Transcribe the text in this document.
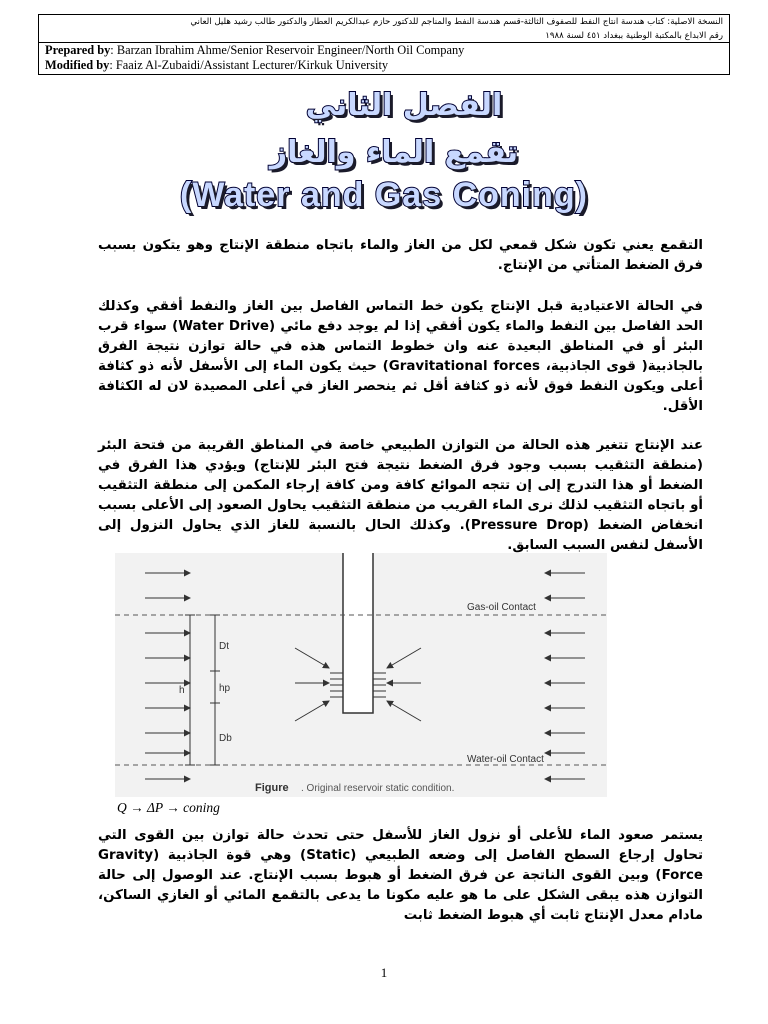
النسخة الاصلية: كتاب هندسة انتاج النفط للصفوف الثالثة-قسم هندسة النفط والمناجم للدكتور حازم عبدالكريم العطار والدكتور طالب رشيد هليل العاني
رقم الابداع بالمكتبة الوطنية ببغداد ٤٥١ لسنة ١٩٨٨
Prepared by: Barzan Ibrahim Ahme/Senior Reservoir Engineer/North Oil Company
Modified by: Faaiz Al-Zubaidi/Assistant Lecturer/Kirkuk University
الفصل الثاني
تقمع الماء والغاز
(Water and Gas Coning)
التقمع يعني تكون شكل قمعي لكل من الغاز والماء باتجاه منطقة الإنتاج وهو يتكون بسبب فرق الضغط المتأتي من الإنتاج.
في الحالة الاعتيادية قبل الإنتاج يكون خط التماس الفاصل بين الغاز والنفط أفقي وكذلك الحد الفاصل بين النفط والماء يكون أفقي إذا لم يوجد دفع مائي (Water Drive) سواء قرب البئر أو في المناطق البعيدة عنه وان خطوط التماس هذه في حالة توازن نتيجة الفرق بالجاذبية( قوى الجاذبية، Gravitational forces) حيث يكون الماء إلى الأسفل لأنه ذو كثافة أعلى ويكون النفط فوق لأنه ذو كثافة أقل ثم ينحصر الغاز في أعلى المصيدة لان له الكثافة الأقل.
عند الإنتاج تتغير هذه الحالة من التوازن الطبيعي خاصة في المناطق القريبة من فتحة البئر (منطقة التثقيب بسبب وجود فرق الضغط نتيجة فتح البئر للإنتاج) ويؤدي هذا الفرق في الضغط أو هذا التدرج إلى إن تتجه الموائع كافة ومن كافة إرجاء المكمن إلى منطقة التثقيب أو باتجاه التثقيب لذلك نرى الماء القريب من منطقة التثقيب يحاول الصعود إلى الأعلى بسبب انخفاض الضغط (Pressure Drop). وكذلك الحال بالنسبة للغاز الذي يحاول النزول إلى الأسفل لنفس السبب السابق.
Gas-oil Contact
Water-oil Contact
Dt
hp
Db
h
Figure . Original reservoir static condition.
Q → ΔP → coning
يستمر صعود الماء للأعلى أو نزول الغاز للأسفل حتى تحدث حالة توازن بين القوى التي تحاول إرجاع السطح الفاصل إلى وضعه الطبيعي (Static) وهي قوة الجاذبية (Gravity Force) وبين القوى الناتجة عن فرق الضغط أو هبوط بسبب الإنتاج. عند الوصول إلى حالة التوازن هذه يبقى الشكل على ما هو عليه مكونا ما يدعى بالتقمع المائي أو الغازي الساكن، مادام معدل الإنتاج ثابت أي هبوط الضغط ثابت
1
